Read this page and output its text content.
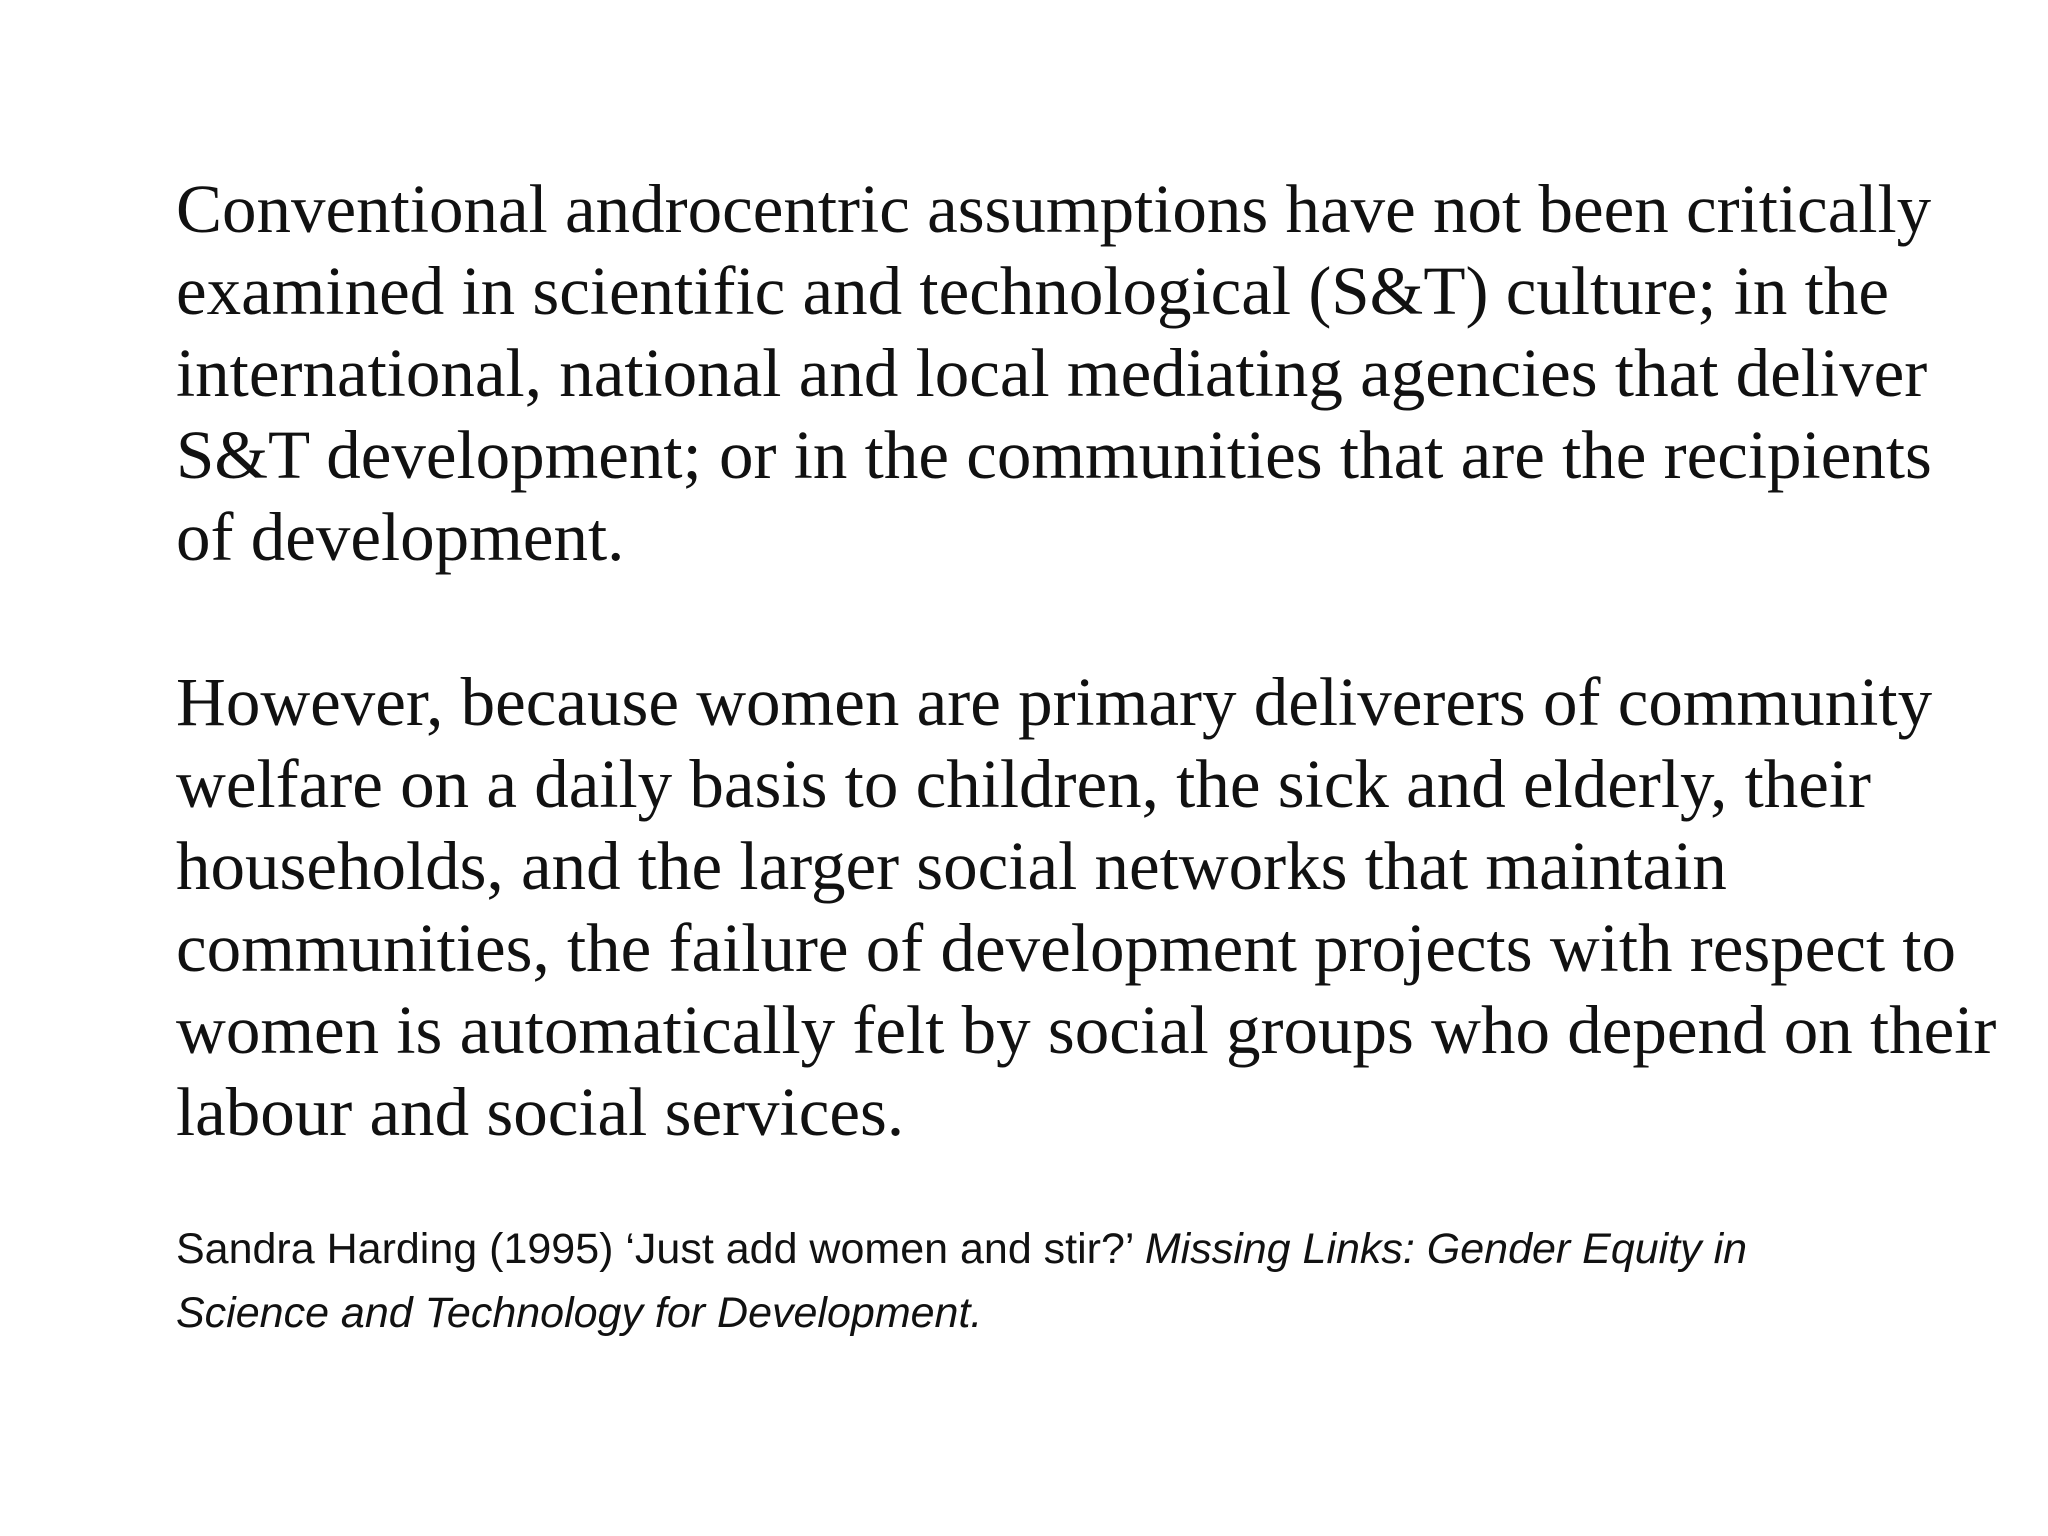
Conventional androcentric assumptions have not been critically
examined in scientific and technological (S&T) culture; in the
international, national and local mediating agencies that deliver
S&T development; or in the communities that are the recipients
of development.

However, because women are primary deliverers of community
welfare on a daily basis to children, the sick and elderly, their
households, and the larger social networks that maintain
communities, the failure of development projects with respect to
women is automatically felt by social groups who depend on their
labour and social services.

Sandra Harding (1995) ‘Just add women and stir?’ Missing Links: Gender Equity in
Science and Technology for Development.
